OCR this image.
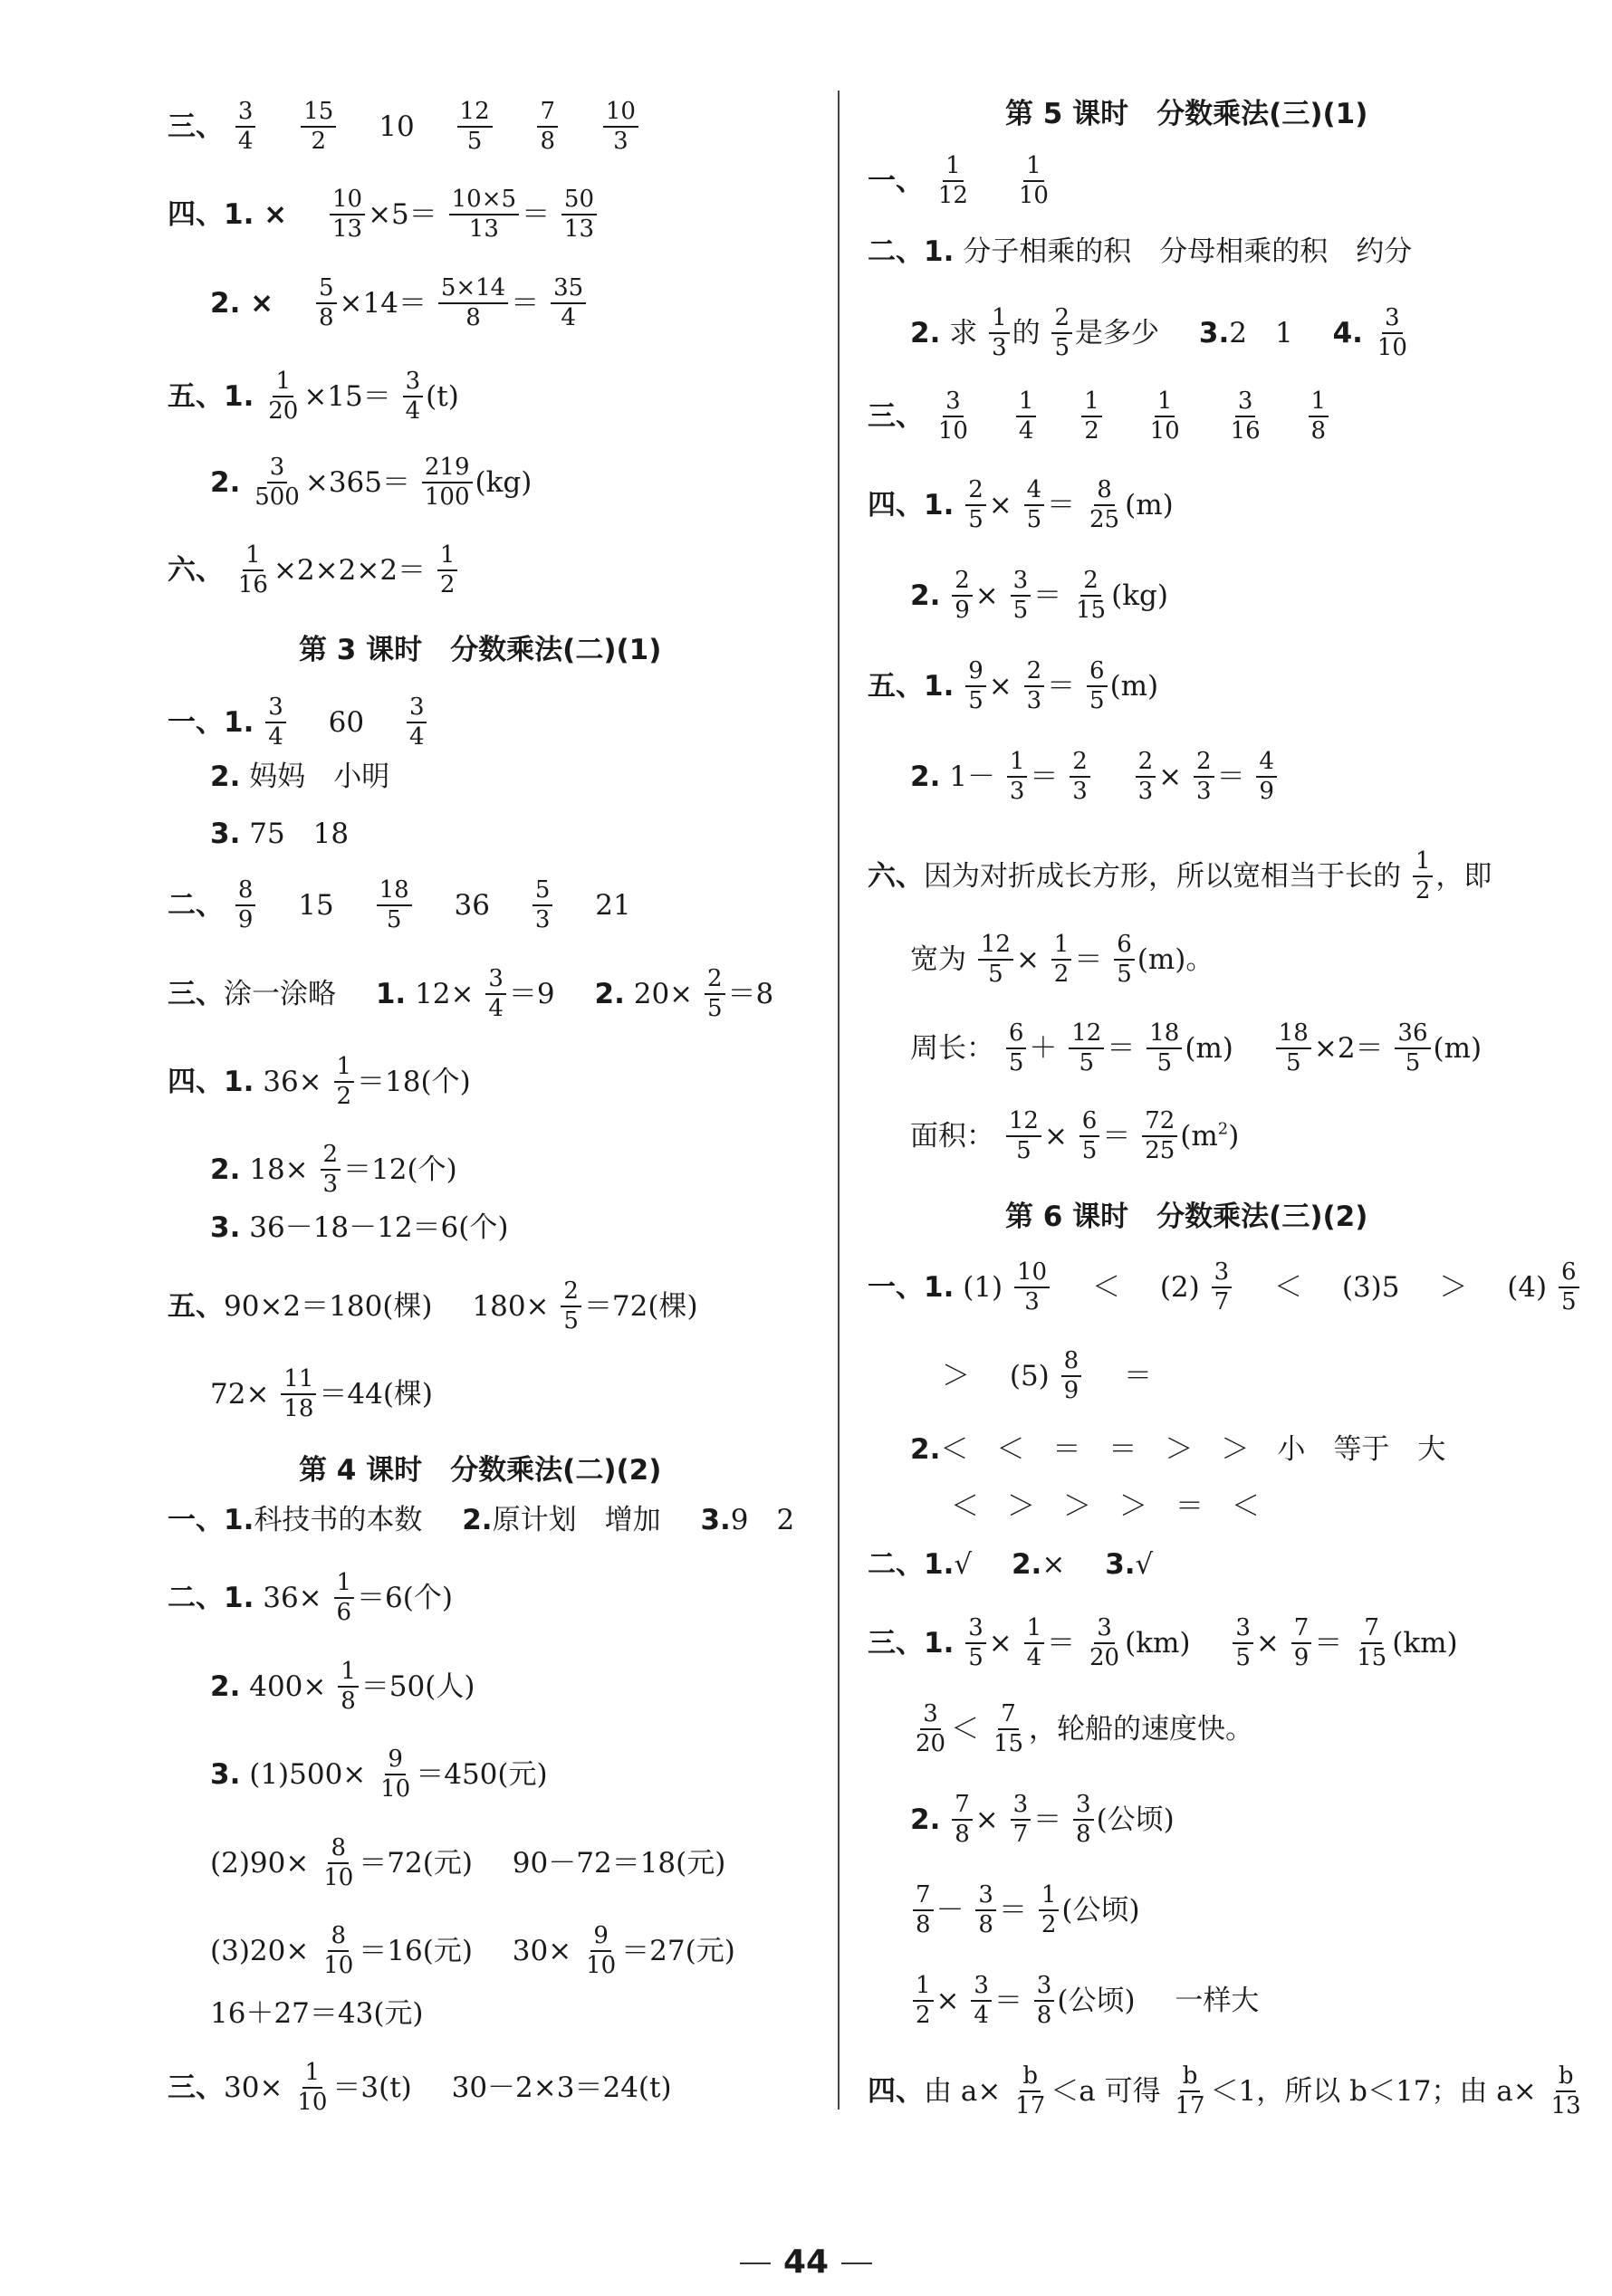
三、 $\frac{3}{4}$
$\frac{15}{2} 10 \frac{12}{5}$
$\frac{7}{8}$
$\frac{10}{3}$
四、1. × $\frac{10}{13} \times 5= \frac{10\times 5}{13} = \frac{50}{13}$
2. × $\frac{5}{8} \times 14= \frac{5\times 14}{8} = \frac{35}{4}$
五、1. $\frac{1}{20} \times 15= \frac{3}{4} (t)$
2. $\frac{3}{500} \times 365= \frac{219}{100} (kg)$
六、 $\frac{1}{16} \times 2\times 2\times 2= \frac{1}{2}$
第 3 课时　分数乘法(二)(1)
一、1. $\frac{3}{4} 60 \frac{3}{4}$
2. 妈妈　小明
3. 75　18
二、 $\frac{8}{9} 15 \frac{18}{5} 36 \frac{5}{3} 21$
三、涂一涂略 1. $12\times \frac{3}{4} =9$ 2. $20\times \frac{2}{5} =8$
四、1. $36\times \frac{1}{2} =18$(个)
2. $18\times \frac{2}{3} =12$(个)
3. 36－18－12＝6(个)
五、90×2＝180(棵) $180\times \frac{2}{5} =72$(棵)
$72\times \frac{11}{18} =44$(棵)
第 4 课时　分数乘法(二)(2)
一、1.科技书的本数 2.原计划　增加 3.9　2
二、1. $36\times \frac{1}{6} =6$(个)
2. $400\times \frac{1}{8} =50$(人)
3. $(1)500\times \frac{9}{10} =450$(元)
$(2)90\times \frac{8}{10} =72$(元) 90－72＝18(元)
$(3)20\times \frac{8}{10} =16$(元) $30\times \frac{9}{10} =27$(元)
16＋27＝43(元)
三、$30\times \frac{1}{10} =3(t)$ 30－2×3＝24(t)
第 5 课时　分数乘法(三)(1)
一、 $\frac{1}{12}$
$\frac{1}{10}$
二、1. 分子相乘的积　分母相乘的积　约分
2. 求 $\frac{1}{3}$ 的 $\frac{2}{5}$ 是多少 3.2　1 4. $\frac{3}{10}$
三、 $\frac{3}{10}$
$\frac{1}{4}$
$\frac{1}{2}$
$\frac{1}{10}$
$\frac{3}{16}$
$\frac{1}{8}$
四、1. $\frac{2}{5} \times \frac{4}{5} = \frac{8}{25} (m)$
2. $\frac{2}{9} \times \frac{3}{5} = \frac{2}{15} (kg)$
五、1. $\frac{9}{5} \times \frac{2}{3} = \frac{6}{5} (m)$
2. $1- \frac{1}{3} = \frac{2}{3}$
$\frac{2}{3} \times \frac{2}{3} = \frac{4}{9}$
六、因为对折成长方形，所以宽相当于长的 $\frac{1}{2}$ ，即
宽为 $\frac{12}{5} \times \frac{1}{2} = \frac{6}{5} (m)$。
周长： $\frac{6}{5} + \frac{12}{5} = \frac{18}{5} (m) \frac{18}{5} \times 2= \frac{36}{5} (m)$
面积： $\frac{12}{5} \times \frac{6}{5} = \frac{72}{25} (m^2)$
第 6 课时　分数乘法(三)(2)
一、1. $(1) \frac{10}{3} < (2) \frac{3}{7} < (3)5 > (4) \frac{6}{5}$
＞ $(5) \frac{8}{9}$ ＝
2.＜　＜　＝　＝　＞　＞　小　等于　大
＜　＞　＞　＞　＝　＜
二、1.√ 2.× 3.√
三、1. $\frac{3}{5} \times \frac{1}{4} = \frac{3}{20} (km) \frac{3}{5} \times \frac{7}{9} = \frac{7}{15} (km)$
$\frac{3}{20} < \frac{7}{15}$ ，轮船的速度快。
2. $\frac{7}{8} \times \frac{3}{7} = \frac{3}{8}$ (公顷)
$\frac{7}{8} - \frac{3}{8} = \frac{1}{2}$ (公顷)
$\frac{1}{2} \times \frac{3}{4} = \frac{3}{8}$ (公顷) 一样大
四、由 $a\times \frac{b}{17} <a$ 可得 $\frac{b}{17} <1$，所以 b＜17；由 $a\times \frac{b}{13}$
44
